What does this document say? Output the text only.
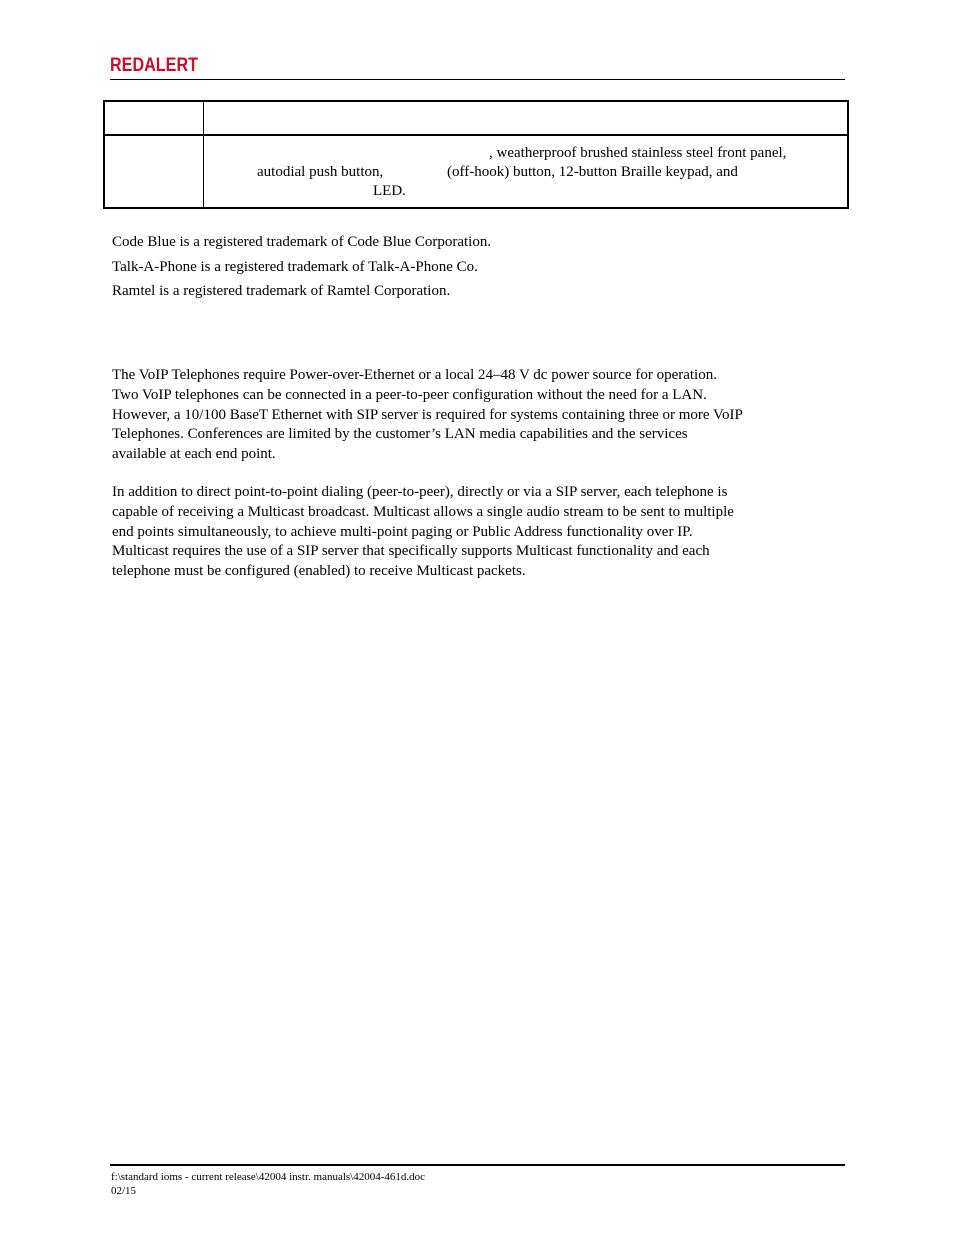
REDALERT
, weatherproof brushed stainless steel front panel,
autodial push button,	(off-hook) button, 12-button Braille keypad, and
LED.
Code Blue is a registered trademark of Code Blue Corporation.
Talk-A-Phone is a registered trademark of Talk-A-Phone Co.
Ramtel is a registered trademark of Ramtel Corporation.
The VoIP Telephones require Power-over-Ethernet or a local 24–48 V dc power source for operation.
Two VoIP telephones can be connected in a peer-to-peer configuration without the need for a LAN.
However, a 10/100 BaseT Ethernet with SIP server is required for systems containing three or more VoIP
Telephones. Conferences are limited by the customer’s LAN media capabilities and the services
available at each end point.
In addition to direct point-to-point dialing (peer-to-peer), directly or via a SIP server, each telephone is
capable of receiving a Multicast broadcast. Multicast allows a single audio stream to be sent to multiple
end points simultaneously, to achieve multi-point paging or Public Address functionality over IP.
Multicast requires the use of a SIP server that specifically supports Multicast functionality and each
telephone must be configured (enabled) to receive Multicast packets.
f:\standard ioms - current release\42004 instr. manuals\42004-461d.doc
02/15
